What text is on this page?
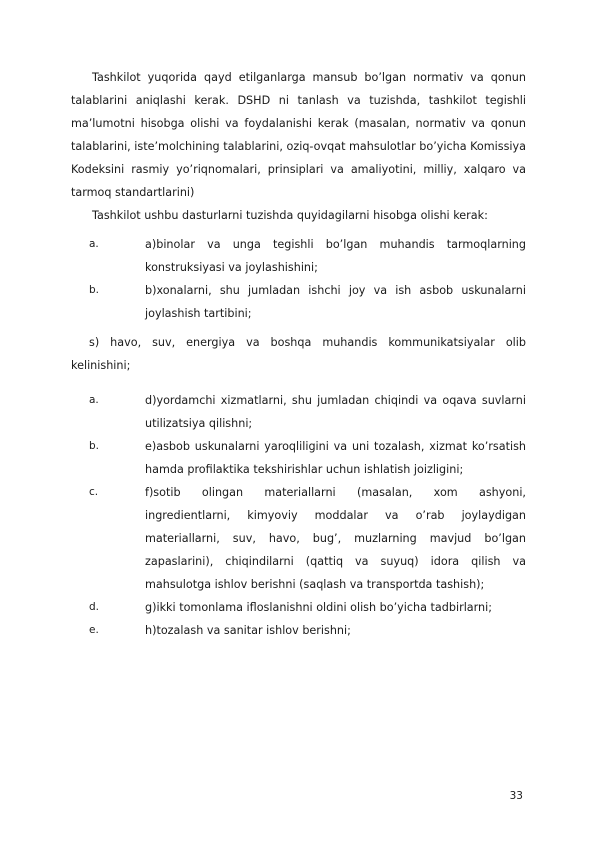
Tashkilot yuqorida qayd etilganlarga mansub bo’lgan normativ va qonun talablarini aniqlashi kerak. DSHD ni tanlash va tuzishda, tashkilot tegishli ma’lumotni hisobga olishi va foydalanishi kerak (masalan, normativ va qonun talablarini, iste’molchining talablarini, oziq-ovqat mahsulotlar bo’yicha Komissiya Kodeksini rasmiy yo’riqnomalari, prinsiplari va amaliyotini, milliy, xalqaro va tarmoq standartlarini)

Tashkilot ushbu dasturlarni tuzishda quyidagilarni hisobga olishi kerak:

a.	a)binolar va unga tegishli bo’lgan muhandis tarmoqlarning konstruksiyasi va joylashishini;
b.	b)xonalarni, shu jumladan ishchi joy va ish asbob uskunalarni joylashish tartibini;

s) havo, suv, energiya va boshqa muhandis kommunikatsiyalar olib kelinishini;

a.	d)yordamchi xizmatlarni, shu jumladan chiqindi va oqava suvlarni utilizatsiya qilishni;
b.	e)asbob uskunalarni yaroqliligini va uni tozalash, xizmat ko’rsatish hamda profilaktika tekshirishlar uchun ishlatish joizligini;
c.	f)sotib olingan materiallarni (masalan, xom ashyoni, ingredientlarni, kimyoviy moddalar va o’rab joylaydigan materiallarni, suv, havo, bug’, muzlarning mavjud bo’lgan zapaslarini), chiqindilarni (qattiq va suyuq) idora qilish va mahsulotga ishlov berishni (saqlash va transportda tashish);
d.	g)ikki tomonlama ifloslanishni oldini olish bo’yicha tadbirlarni;
e.	h)tozalash va sanitar ishlov berishni;
33
